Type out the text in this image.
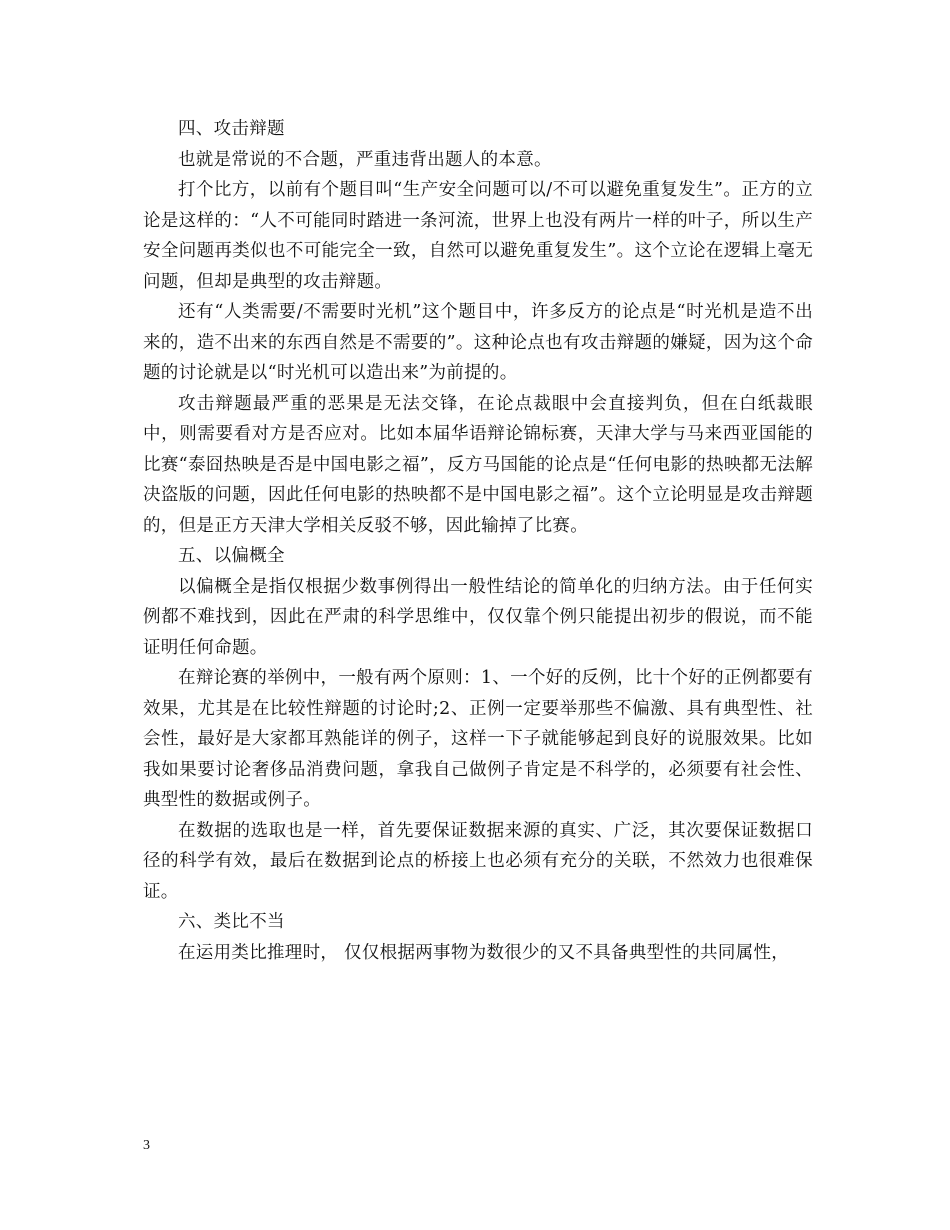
四、攻击辩题

也就是常说的不合题，严重违背出题人的本意。

打个比方，以前有个题目叫“生产安全问题可以/不可以避免重复发生”。正方的立论是这样的：“人不可能同时踏进一条河流，世界上也没有两片一样的叶子，所以生产安全问题再类似也不可能完全一致，自然可以避免重复发生”。这个立论在逻辑上毫无问题，但却是典型的攻击辩题。

还有“人类需要/不需要时光机”这个题目中，许多反方的论点是“时光机是造不出来的，造不出来的东西自然是不需要的”。这种论点也有攻击辩题的嫌疑，因为这个命题的讨论就是以“时光机可以造出来”为前提的。

攻击辩题最严重的恶果是无法交锋，在论点裁眼中会直接判负，但在白纸裁眼中，则需要看对方是否应对。比如本届华语辩论锦标赛，天津大学与马来西亚国能的比赛“泰囧热映是否是中国电影之福”，反方马国能的论点是“任何电影的热映都无法解决盗版的问题，因此任何电影的热映都不是中国电影之福”。这个立论明显是攻击辩题的，但是正方天津大学相关反驳不够，因此输掉了比赛。

五、以偏概全

以偏概全是指仅根据少数事例得出一般性结论的简单化的归纳方法。由于任何实例都不难找到，因此在严肃的科学思维中，仅仅靠个例只能提出初步的假说，而不能证明任何命题。

在辩论赛的举例中，一般有两个原则：1、一个好的反例，比十个好的正例都要有效果，尤其是在比较性辩题的讨论时;2、正例一定要举那些不偏激、具有典型性、社会性，最好是大家都耳熟能详的例子，这样一下子就能够起到良好的说服效果。比如我如果要讨论奢侈品消费问题，拿我自己做例子肯定是不科学的，必须要有社会性、典型性的数据或例子。

在数据的选取也是一样，首先要保证数据来源的真实、广泛，其次要保证数据口径的科学有效，最后在数据到论点的桥接上也必须有充分的关联，不然效力也很难保证。

六、类比不当

在运用类比推理时， 仅仅根据两事物为数很少的又不具备典型性的共同属性，

3
